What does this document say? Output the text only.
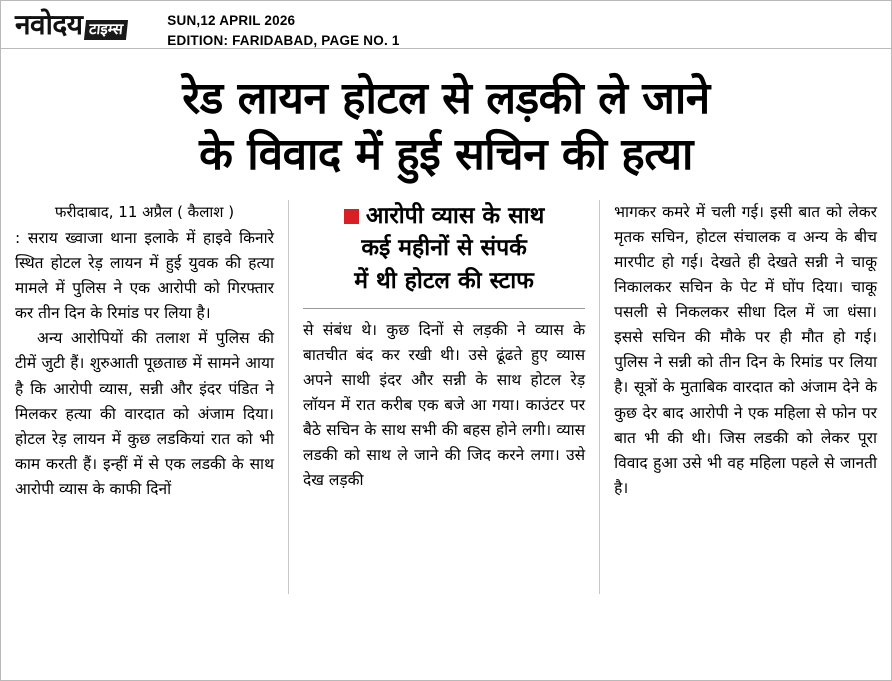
नवोदय टाइम्स	SUN,12 APRIL 2026
EDITION: FARIDABAD, PAGE NO. 1
रेड लायन होटल से लड़की ले जाने
के विवाद में हुई सचिन की हत्या
फरीदाबाद, 11 अप्रैल ( कैलाश )

: सराय ख्वाजा थाना इलाके में हाइवे किनारे स्थित होटल रेड़ लायन में हुई युवक की हत्या मामले में पुलिस ने एक आरोपी को गिरफ्तार कर तीन दिन के रिमांड पर लिया है।

अन्य आरोपियों की तलाश में पुलिस की टीमें जुटी हैं। शुरुआती पूछताछ में सामने आया है कि आरोपी व्यास, सन्नी और इंदर पंडित ने मिलकर हत्या की वारदात को अंजाम दिया। होटल रेड़ लायन में कुछ लडकियां रात को भी काम करती हैं। इन्हीं में से एक लडकी के साथ आरोपी व्यास के काफी दिनों

आरोपी व्यास के साथ
कई महीनों से संपर्क
में थी होटल की स्टाफ

से संबंध थे। कुछ दिनों से लड़की ने व्यास के बातचीत बंद कर रखी थी। उसे ढूंढते हुए व्यास अपने साथी इंदर और सन्नी के साथ होटल रेड़ लॉयन में रात करीब एक बजे आ गया। काउंटर पर बैठे सचिन के साथ सभी की बहस होने लगी। व्यास लडकी को साथ ले जाने की जिद करने लगा। उसे देख लड़की

भागकर कमरे में चली गई। इसी बात को लेकर मृतक सचिन, होटल संचालक व अन्य के बीच मारपीट हो गई। देखते ही देखते सन्नी ने चाकू निकालकर सचिन के पेट में घोंप दिया। चाकू पसली से निकलकर सीधा दिल में जा धंसा। इससे सचिन की मौके पर ही मौत हो गई। पुलिस ने सन्नी को तीन दिन के रिमांड पर लिया है। सूत्रों के मुताबिक वारदात को अंजाम देने के कुछ देर बाद आरोपी ने एक महिला से फोन पर बात भी की थी। जिस लडकी को लेकर पूरा विवाद हुआ उसे भी वह महिला पहले से जानती है।
